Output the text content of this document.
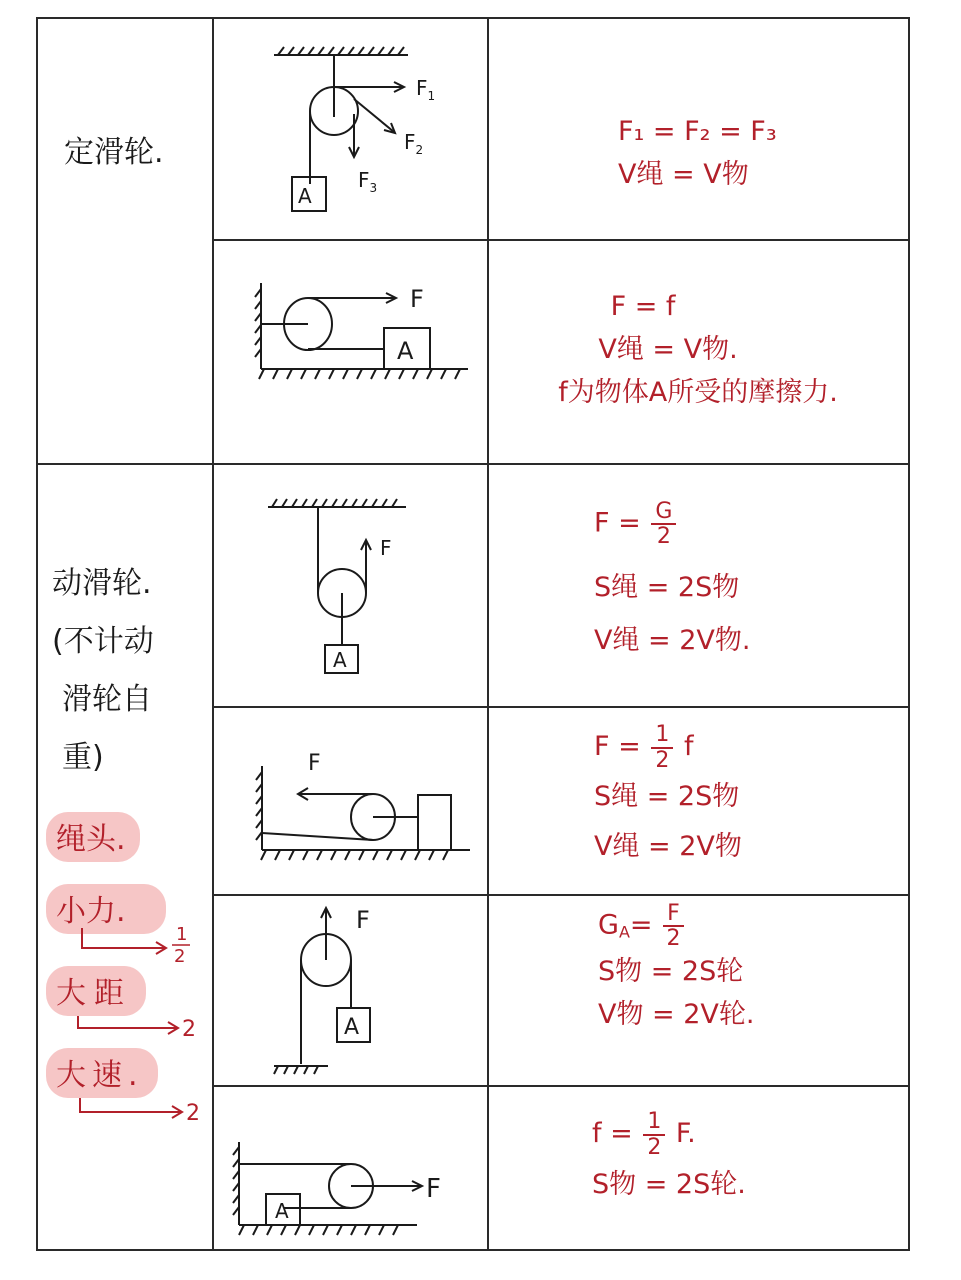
定滑轮.
动滑轮.
(不计动
滑轮自
重)
绳头.
小力.
1
2
2
2
大距
大速.
A
$F_1$
$F_2$
$F_3$
F₁ = F₂ = F₃
V绳 = V物
F
A
F = f
V绳 = V物.
f为物体A所受的摩擦力.
F
A
$F = \frac{G}{2}$
S绳 = 2S物
V绳 = 2V物.
F
$F = \frac{1}{2}$ f
S绳 = 2S物
V绳 = 2V物
F
A
$G_A= \frac{F}{2}$
S物 = 2S轮
V物 = 2V轮.
A
F
$f = \frac{1}{2} F$.
S物 = 2S轮.
